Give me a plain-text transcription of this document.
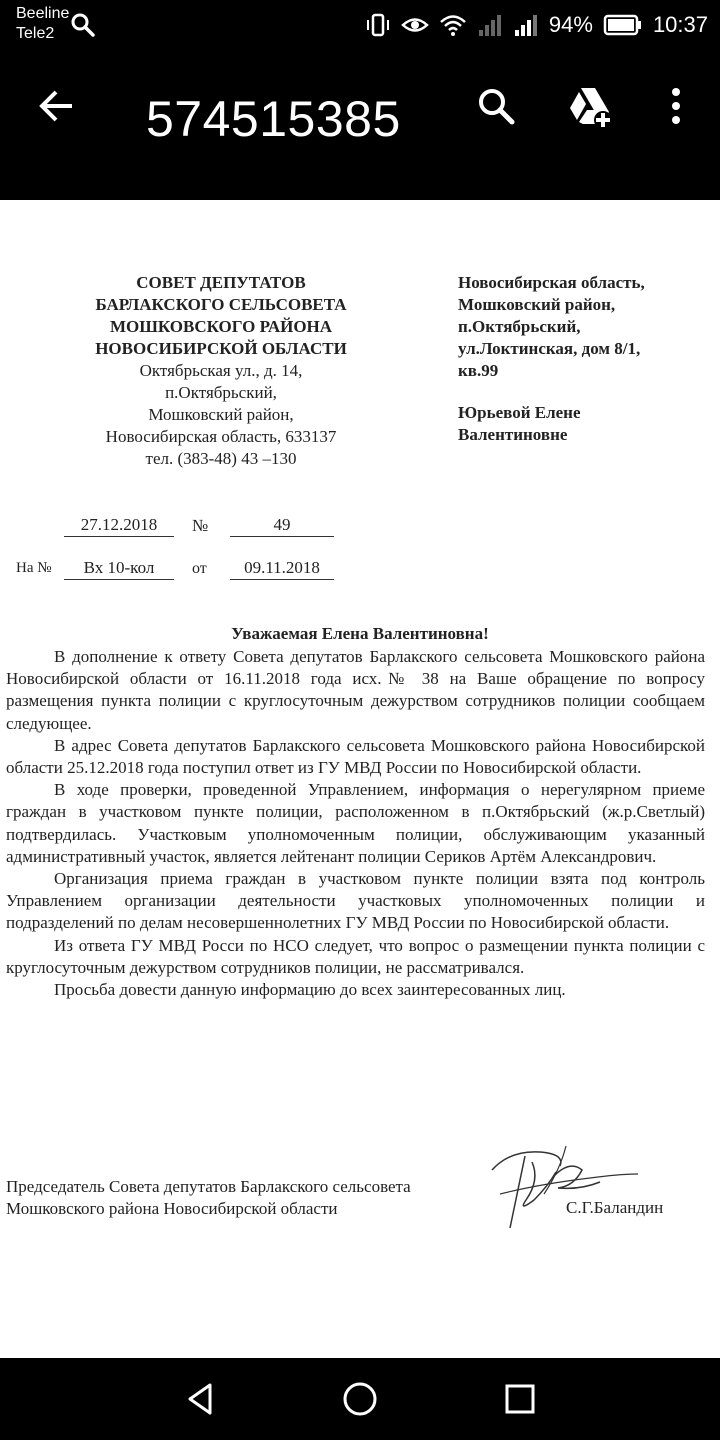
Beeline
Tele2	94%	10:37
574515385
СОВЕТ ДЕПУТАТОВ
БАРЛАКСКОГО СЕЛЬСОВЕТА
МОШКОВСКОГО РАЙОНА
НОВОСИБИРСКОЙ ОБЛАСТИ
Октябрьская ул., д. 14,
п.Октябрьский,
Мошковский район,
Новосибирская область, 633137
тел. (383-48) 43 –130
Новосибирская область,
Мошковский район,
п.Октябрьский,
ул.Локтинская, дом 8/1,
кв.99
Юрьевой Елене
Валентиновне
27.12.2018	№	49
На №	Вх 10-кол	от	09.11.2018
Уважаемая Елена Валентиновна!

В дополнение к ответу Совета депутатов Барлакского сельсовета Мошковского района Новосибирской области от 16.11.2018 года исх.№ 38 на Ваше обращение по вопросу размещения пункта полиции с круглосуточным дежурством сотрудников полиции сообщаем следующее.

В адрес Совета депутатов Барлакского сельсовета Мошковского района Новосибирской области 25.12.2018 года поступил ответ из ГУ МВД России по Новосибирской области.

В ходе проверки, проведенной Управлением, информация о нерегулярном приеме граждан в участковом пункте полиции, расположенном в п.Октябрьский (ж.р.Светлый) подтвердилась. Участковым уполномоченным полиции, обслуживающим указанный административный участок, является лейтенант полиции Сериков Артём Александрович.

Организация приема граждан в участковом пункте полиции взята под контроль Управлением организации деятельности участковых уполномоченных полиции и подразделений по делам несовершеннолетних ГУ МВД России по Новосибирской области.

Из ответа ГУ МВД Росси по НСО следует, что вопрос о размещении пункта полиции с круглосуточным дежурством сотрудников полиции, не рассматривался.

Просьба довести данную информацию до всех заинтересованных лиц.

Председатель Совета депутатов Барлакского сельсовета
Мошковского района Новосибирской области	С.Г.Баландин
